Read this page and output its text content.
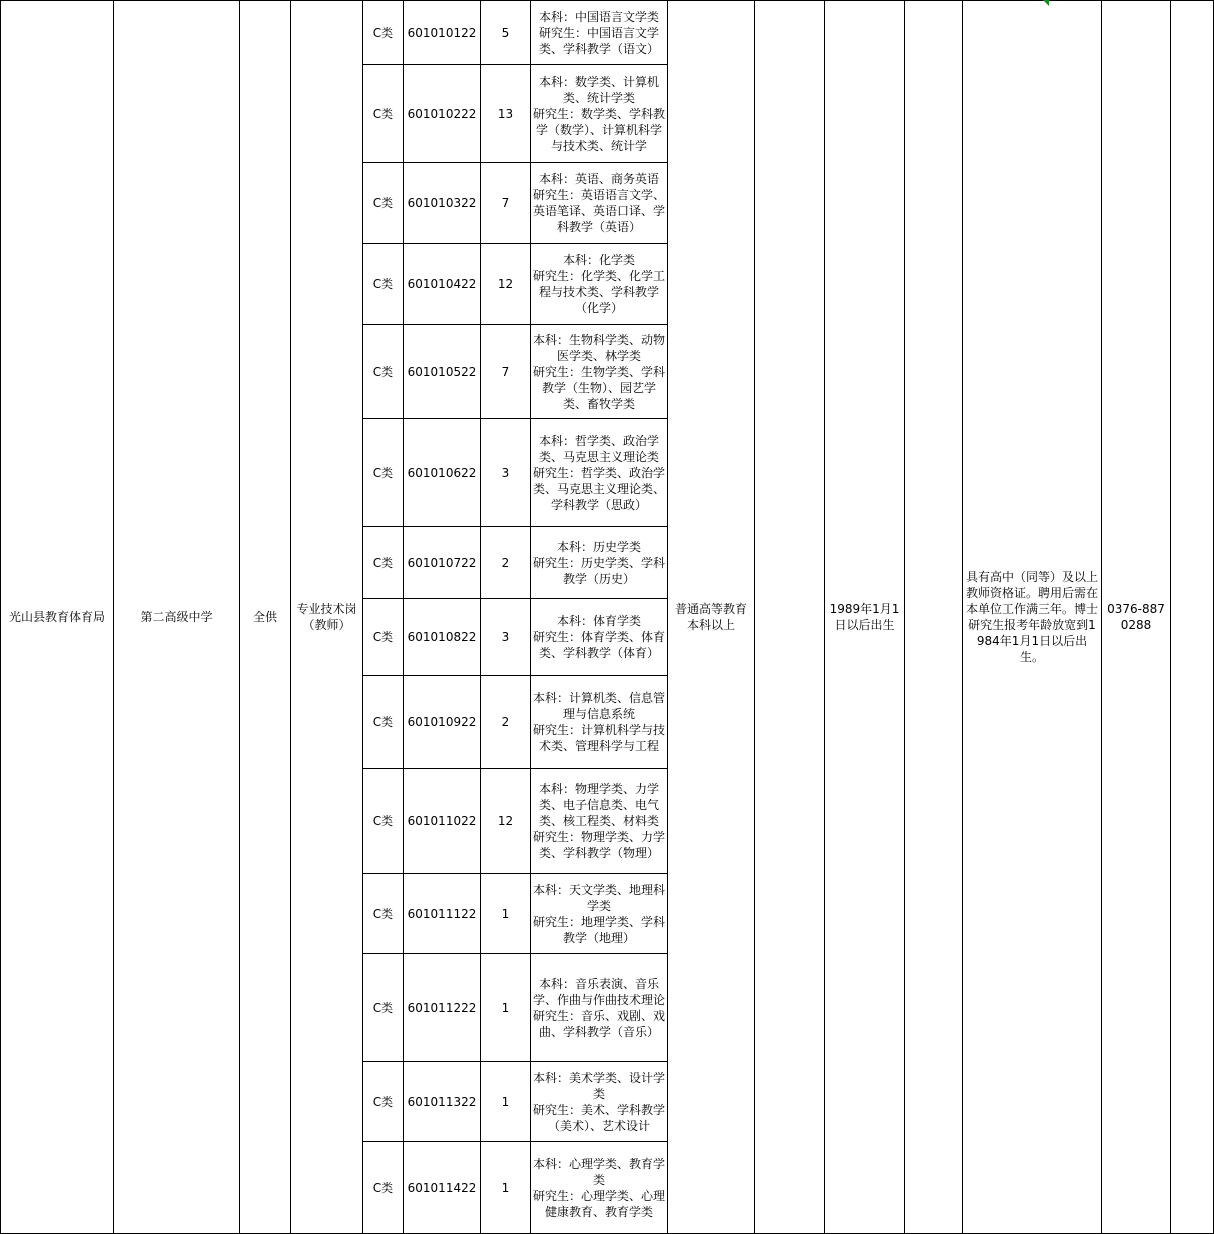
光山县教育体育局	第二高级中学	全供	专业技术岗（教师）	C类	601010122	5	本科：中国语言文学类
研究生：中国语言文学类、学科教学（语文）	普通高等教育本科以上		1989年1月1日以后出生		具有高中（同等）及以上教师资格证。聘用后需在本单位工作满三年。博士研究生报考年龄放宽到1984年1月1日以后出生。	0376-8870288	
				C类	601010222	13	本科：数学类、计算机类、统计学类
研究生：数学类、学科教学（数学）、计算机科学与技术类、统计学							

				C类	601010322	7	本科：英语、商务英语
研究生：英语语言文学、英语笔译、英语口译、学科教学（英语）							

				C类	601010422	12	本科：化学类
研究生：化学类、化学工程与技术类、学科教学（化学）							

				C类	601010522	7	本科：生物科学类、动物医学类、林学类
研究生：生物学类、学科教学（生物）、园艺学类、畜牧学类							

				C类	601010622	3	本科：哲学类、政治学类、马克思主义理论类
研究生：哲学类、政治学类、马克思主义理论类、学科教学（思政）							

				C类	601010722	2	本科：历史学类
研究生：历史学类、学科教学（历史）							

				C类	601010822	3	本科：体育学类
研究生：体育学类、体育类、学科教学（体育）							

				C类	601010922	2	本科：计算机类、信息管理与信息系统
研究生：计算机科学与技术类、管理科学与工程							

				C类	601011022	12	本科：物理学类、力学类、电子信息类、电气类、核工程类、材料类
研究生：物理学类、力学类、学科教学（物理）							

				C类	601011122	1	本科：天文学类、地理科学类
研究生：地理学类、学科教学（地理）							

				C类	601011222	1	本科：音乐表演、音乐学、作曲与作曲技术理论
研究生：音乐、戏剧、戏曲、学科教学（音乐）							

				C类	601011322	1	本科：美术学类、设计学类
研究生：美术、学科教学（美术）、艺术设计							

				C类	601011422	1	本科：心理学类、教育学类
研究生：心理学类、心理健康教育、教育学类							
